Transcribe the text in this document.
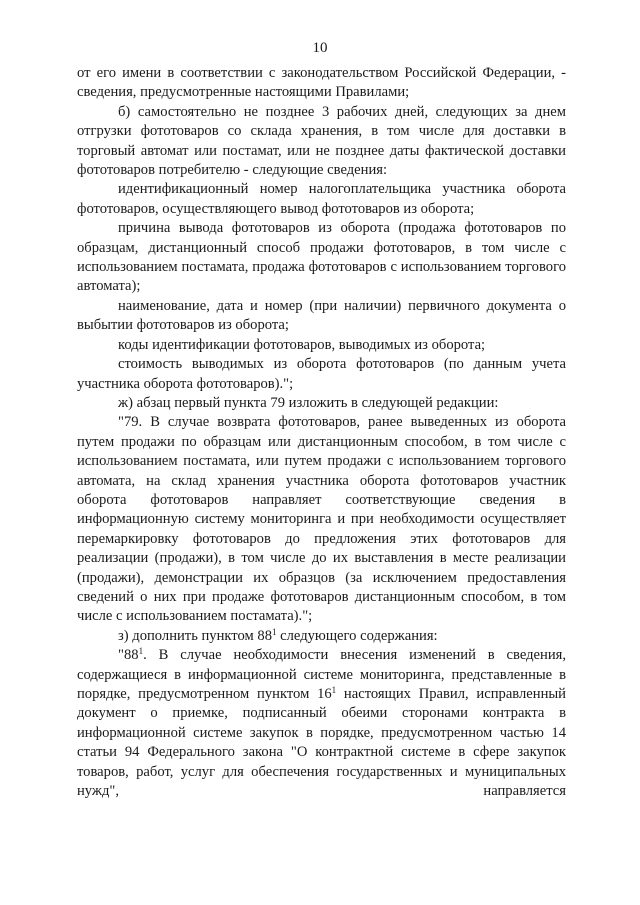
10

от его имени в соответствии с законодательством Российской Федерации, - сведения, предусмотренные настоящими Правилами;

б) самостоятельно не позднее 3 рабочих дней, следующих за днем отгрузки фототоваров со склада хранения, в том числе для доставки в торговый автомат или постамат, или не позднее даты фактической доставки фототоваров потребителю - следующие сведения:

идентификационный номер налогоплательщика участника оборота фототоваров, осуществляющего вывод фототоваров из оборота;

причина вывода фототоваров из оборота (продажа фототоваров по образцам, дистанционный способ продажи фототоваров, в том числе с использованием постамата, продажа фототоваров с использованием торгового автомата);

наименование, дата и номер (при наличии) первичного документа о выбытии фототоваров из оборота;

коды идентификации фототоваров, выводимых из оборота;

стоимость выводимых из оборота фототоваров (по данным учета участника оборота фототоваров).";

ж) абзац первый пункта 79 изложить в следующей редакции:

"79. В случае возврата фототоваров, ранее выведенных из оборота путем продажи по образцам или дистанционным способом, в том числе с использованием постамата, или путем продажи с использованием торгового автомата, на склад хранения участника оборота фототоваров участник оборота фототоваров направляет соответствующие сведения в информационную систему мониторинга и при необходимости осуществляет перемаркировку фототоваров до предложения этих фототоваров для реализации (продажи), в том числе до их выставления в месте реализации (продажи), демонстрации их образцов (за исключением предоставления сведений о них при продаже фототоваров дистанционным способом, в том числе с использованием постамата).";

з) дополнить пунктом $88^1$ следующего содержания:

"$88^1$. В случае необходимости внесения изменений в сведения, содержащиеся в информационной системе мониторинга, представленные в порядке, предусмотренном пунктом $16^1$ настоящих Правил, исправленный документ о приемке, подписанный обеими сторонами контракта в информационной системе закупок в порядке, предусмотренном частью 14 статьи 94 Федерального закона "О контрактной системе в сфере закупок товаров, работ, услуг для обеспечения государственных и муниципальных нужд", направляется
